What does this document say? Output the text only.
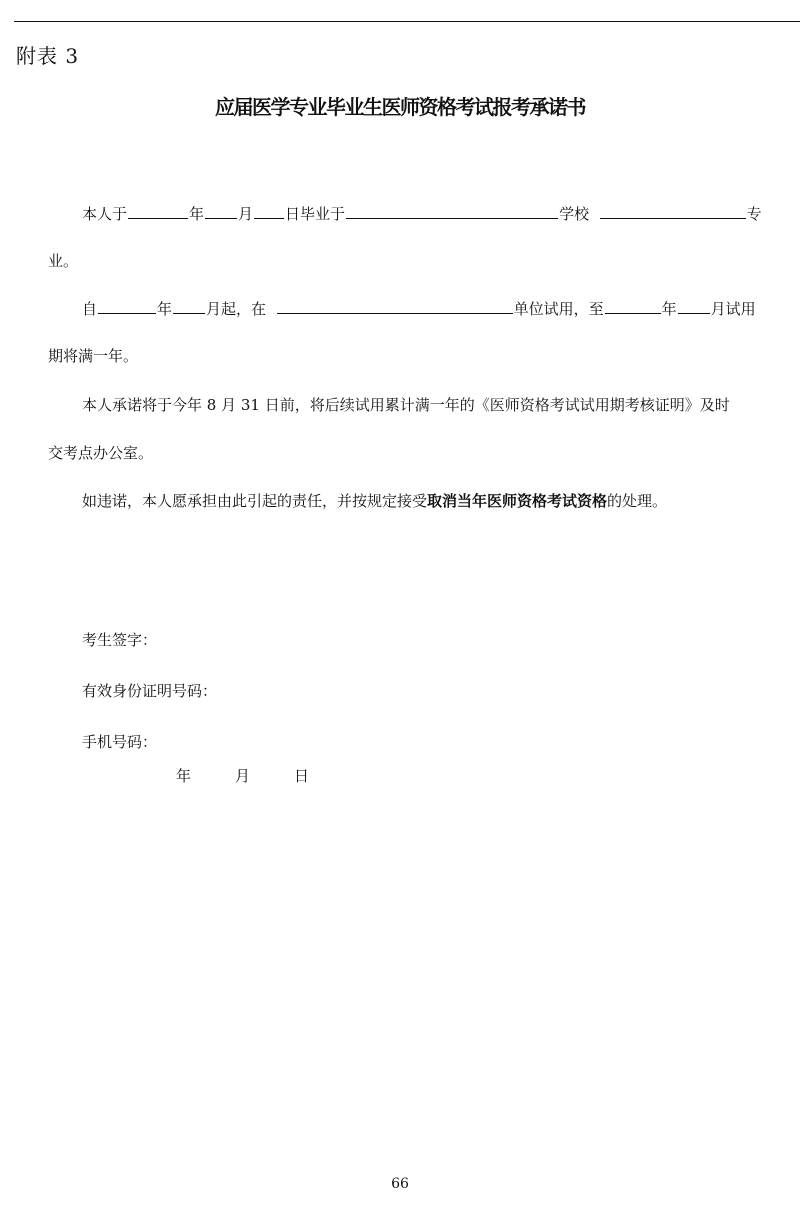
附表 3
应届医学专业毕业生医师资格考试报考承诺书
本人于	年 月 日毕业于	学校	专
业。
自	年 月起，在	单位试用，至	年 月试用
期将满一年。
本人承诺将于今年 8 月 31 日前，将后续试用累计满一年的《医师资格考试试用期考核证明》及时
交考点办公室。
如违诺，本人愿承担由此引起的责任，并按规定接受取消当年医师资格考试资格的处理。
考生签字：
有效身份证明号码：
手机号码：
年	月	日
66
